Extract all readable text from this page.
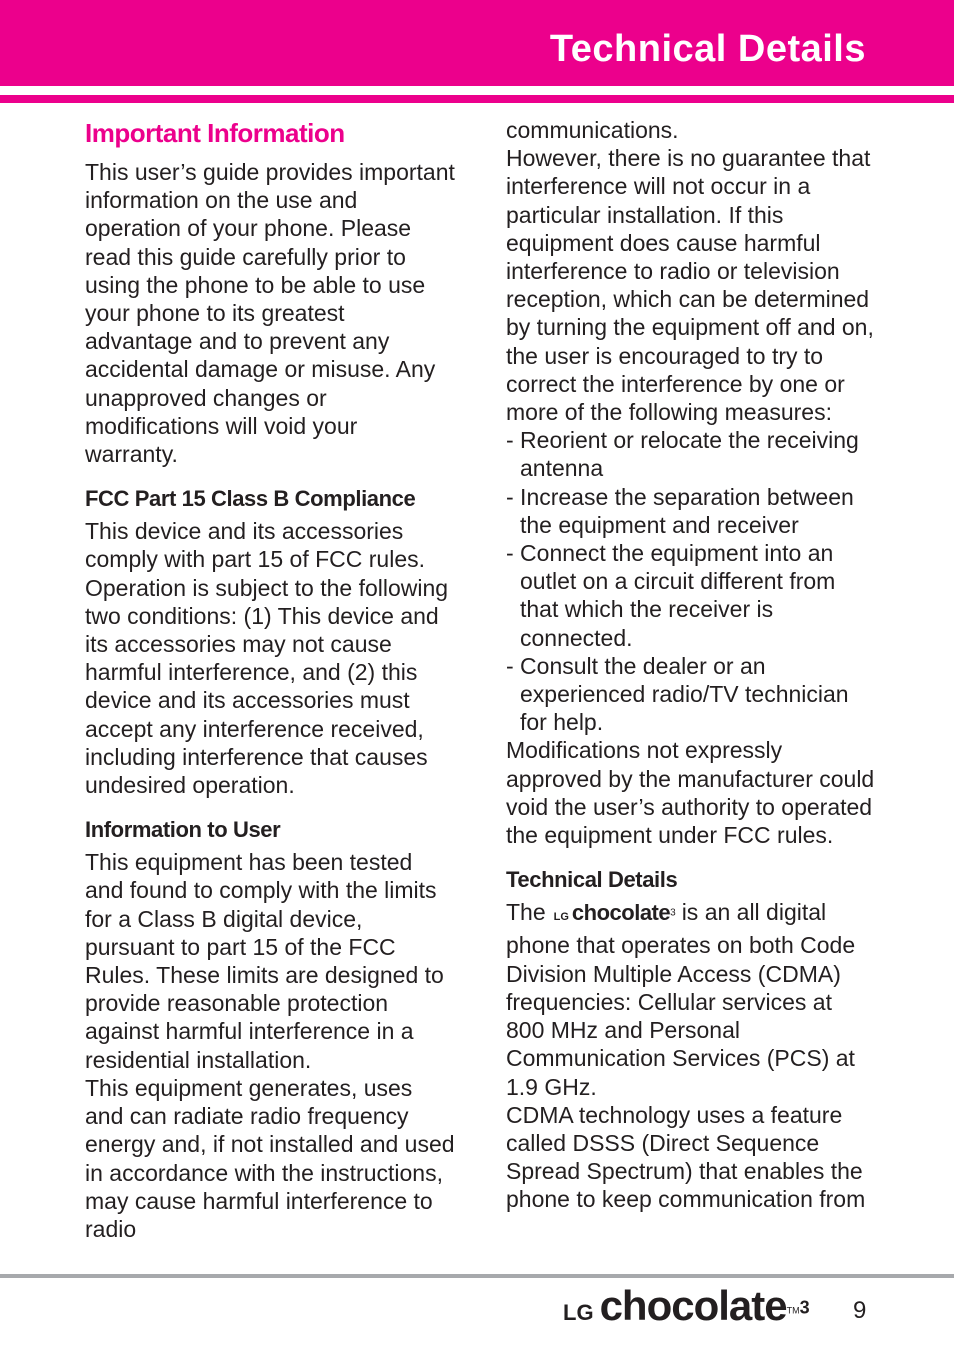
Technical Details
Important Information

This user’s guide provides important information on the use and operation of your phone. Please read this guide carefully prior to using the phone to be able to use your phone to its greatest advantage and to prevent any accidental damage or misuse. Any unapproved changes or modifications will void your warranty.

FCC Part 15 Class B Compliance

This device and its accessories comply with part 15 of FCC rules. Operation is subject to the following two conditions: (1) This device and its accessories may not cause harmful interference, and (2) this device and its accessories must accept any interference received, including interference that causes undesired operation.

Information to User

This equipment has been tested and found to comply with the limits for a Class B digital device, pursuant to part 15 of the FCC Rules. These limits are designed to provide reasonable protection against harmful interference in a residential installation.

This equipment generates, uses and can radiate radio frequency energy and, if not installed and used in accordance with the instructions, may cause harmful interference to radio

communications.

However, there is no guarantee that interference will not occur in a particular installation. If this equipment does cause harmful interference to radio or television reception, which can be determined by turning the equipment off and on, the user is encouraged to try to correct the interference by one or more of the following measures:

- Reorient or relocate the receiving antenna

- Increase the separation between the equipment and receiver

- Connect the equipment into an outlet on a circuit different from that which the receiver is connected.

- Consult the dealer or an experienced radio/TV technician for help.

Modifications not expressly approved by the manufacturer could void the user’s authority to operated the equipment under FCC rules.

Technical Details

The LG chocolate3 is an all digital phone that operates on both Code Division Multiple Access (CDMA) frequencies: Cellular services at 800 MHz and Personal Communication Services (PCS) at 1.9 GHz.

CDMA technology uses a feature called DSSS (Direct Sequence Spread Spectrum) that enables the phone to keep communication from

LG chocolate™3 9
